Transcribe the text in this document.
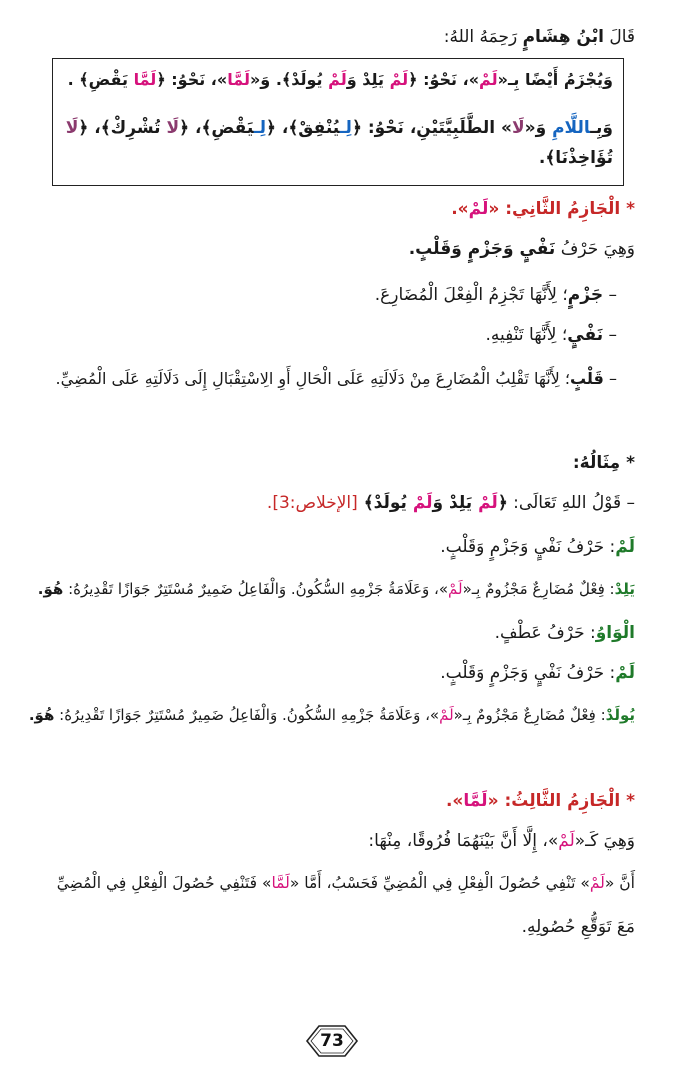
قَالَ ابْنُ هِشَامٍ رَحِمَهُ اللهُ:
وَيُجْزَمُ أَيْضًا بِـ«لَمْ»، نَحْوُ: ﴿لَمْ يَلِدْ وَلَمْ يُولَدْ﴾. وَ«لَمَّا»، نَحْوُ: ﴿لَمَّا يَقْضِ﴾ .
وَبِـاللَّامِ وَ«لَا» الطَّلَبِيَّتَيْنِ، نَحْوُ: ﴿لِـيُنْفِقْ﴾، ﴿لِـيَقْضِ﴾، ﴿لَا تُشْرِكْ﴾، ﴿لَا
تُؤَاخِذْنَا﴾.
* الْجَازِمُ الثَّانِي: «لَمْ».
وَهِيَ حَرْفُ نَفْيٍ وَجَزْمٍ وَقَلْبٍ.
– جَزْمٍ؛ لِأَنَّهَا تَجْزِمُ الْفِعْلَ الْمُضَارِعَ.
– نَفْيٍ؛ لِأَنَّهَا تَنْفِيهِ.
– قَلْبٍ؛ لِأَنَّهَا تَقْلِبُ الْمُضَارِعَ مِنْ دَلَالَتِهِ عَلَى الْحَالِ أَوِ الِاسْتِقْبَالِ إِلَى دَلَالَتِهِ عَلَى الْمُضِيِّ.
* مِثَالُهُ:
– قَوْلُ اللهِ تَعَالَى: ﴿لَمْ يَلِدْ وَلَمْ يُولَدْ﴾ [الإخلاص:3].
لَمْ: حَرْفُ نَفْيٍ وَجَزْمٍ وَقَلْبٍ.
يَلِدْ: فِعْلٌ مُضَارِعٌ مَجْزُومٌ بِـ«لَمْ»، وَعَلَامَةُ جَزْمِهِ السُّكُونُ. وَالْفَاعِلُ ضَمِيرٌ مُسْتَتِرٌ جَوَازًا تَقْدِيرُهُ: هُوَ.
الْوَاوُ: حَرْفُ عَطْفٍ.
لَمْ: حَرْفُ نَفْيٍ وَجَزْمٍ وَقَلْبٍ.
يُولَدْ: فِعْلٌ مُضَارِعٌ مَجْزُومٌ بِـ«لَمْ»، وَعَلَامَةُ جَزْمِهِ السُّكُونُ. وَالْفَاعِلُ ضَمِيرٌ مُسْتَتِرٌ جَوَازًا تَقْدِيرُهُ: هُوَ.
* الْجَازِمُ الثَّالِثُ: «لَمَّا».
وَهِيَ كَـ«لَمْ»، إِلَّا أَنَّ بَيْنَهُمَا فُرُوقًا، مِنْهَا:
أَنَّ «لَمْ» تَنْفِي حُصُولَ الْفِعْلِ فِي الْمُضِيِّ فَحَسْبُ، أَمَّا «لَمَّا» فَتَنْفِي حُصُولَ الْفِعْلِ فِي الْمُضِيِّ
مَعَ تَوَقُّعِ حُصُولِهِ.
73
